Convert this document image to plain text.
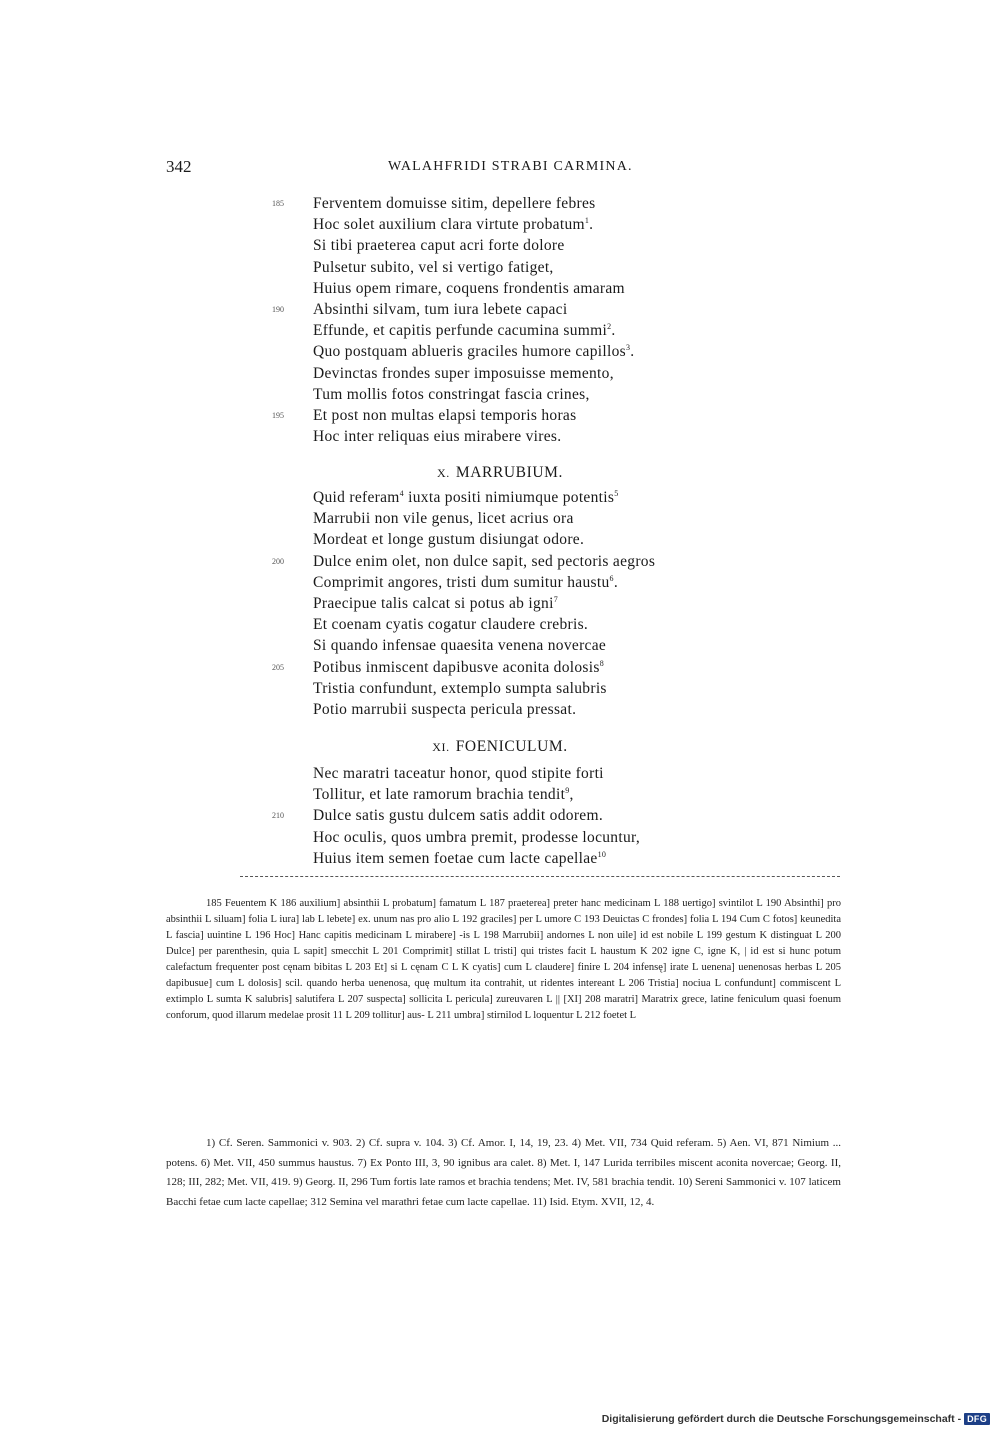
342	WALAHFRIDI STRABI CARMINA.
185 Ferventem domuisse sitim, depellere febres
Hoc solet auxilium clara virtute probatum$^1$.
Si tibi praeterea caput acri forte dolore
Pulsetur subito, vel si vertigo fatiget,
Huius opem rimare, coquens frondentis amaram
190 Absinthi silvam, tum iura lebete capaci
Effunde, et capitis perfunde cacumina summi$^2$.
Quo postquam ablueris graciles humore capillos$^3$.
Devinctas frondes super imposuisse memento,
Tum mollis fotos constringat fascia crines,
195 Et post non multas elapsi temporis horas
Hoc inter reliquas eius mirabere vires.
X. MARRUBIUM.
Quid referam$^4$ iuxta positi nimiumque potentis$^5$
Marrubii non vile genus, licet acrius ora
Mordeat et longe gustum disiungat odore.
200 Dulce enim olet, non dulce sapit, sed pectoris aegros
Comprimit angores, tristi dum sumitur haustu$^6$.
Praecipue talis calcat si potus ab igni$^7$
Et coenam cyatis cogatur claudere crebris.
Si quando infensae quaesita venena novercae
205 Potibus inmiscent dapibusve aconita dolosis$^8$
Tristia confundunt, extemplo sumpta salubris
Potio marrubii suspecta pericula pressat.
XI. FOENICULUM.
Nec maratri taceatur honor, quod stipite forti
Tollitur, et late ramorum brachia tendit$^9$,
210 Dulce satis gustu dulcem satis addit odorem.
Hoc oculis, quos umbra premit, prodesse locuntur,
Huius item semen foetae cum lacte capellae$^{10}$

185 Feuentem K 186 auxilium] absinthii L probatum] famatum L 187 praeterea] preter hanc medicinam L 188 uertigo] svintilot L 190 Absinthi] pro absinthii L siluam] folia L iura] lab L lebete] ex. unum nas pro alio L 192 graciles] per L umore C 193 Deuictas C frondes] folia L 194 Cum C fotos] keunedita L fascia] uuintine L 196 Hoc] Hanc capitis medicinam L mirabere] -is L 198 Marrubii] andornes L non uile] id est nobile L 199 gestum K distinguat L 200 Dulce] per parenthesin, quia L sapit] smecchit L 201 Comprimit] stillat L tristi] qui tristes facit L haustum K 202 igne C, igne K, | id est si hunc potum calefactum frequenter post cęnam bibitas L 203 Et] si L cęnam C L K cyatis] cum L claudere] finire L 204 infensę] irate L uenena] uenenosas herbas L 205 dapibusue] cum L dolosis] scil. quando herba uenenosa, quę multum ita contrahit, ut ridentes intereant L 206 Tristia] nociua L confundunt] commiscent L extimplo L sumta K salubris] salutifera L 207 suspecta] sollicita L pericula] zureuvaren L || [XI] 208 maratri] Maratrix grece, latine feniculum quasi foenum conforum, quod illarum medelae prosit 11 L 209 tollitur] aus- L 211 umbra] stirnilod L loquentur L 212 foetet L

1) Cf. Seren. Sammonici v. 903. 2) Cf. supra v. 104. 3) Cf. Amor. I, 14, 19, 23. 4) Met. VII, 734 Quid referam. 5) Aen. VI, 871 Nimium ... potens. 6) Met. VII, 450 summus haustus. 7) Ex Ponto III, 3, 90 ignibus ara calet. 8) Met. I, 147 Lurida terribiles miscent aconita novercae; Georg. II, 128; III, 282; Met. VII, 419. 9) Georg. II, 296 Tum fortis late ramos et brachia tendens; Met. IV, 581 brachia tendit. 10) Sereni Sammonici v. 107 laticem Bacchi fetae cum lacte capellae; 312 Semina vel marathri fetae cum lacte capellae. 11) Isid. Etym. XVII, 12, 4.

Digitalisierung gefördert durch die Deutsche Forschungsgemeinschaft - DFG
